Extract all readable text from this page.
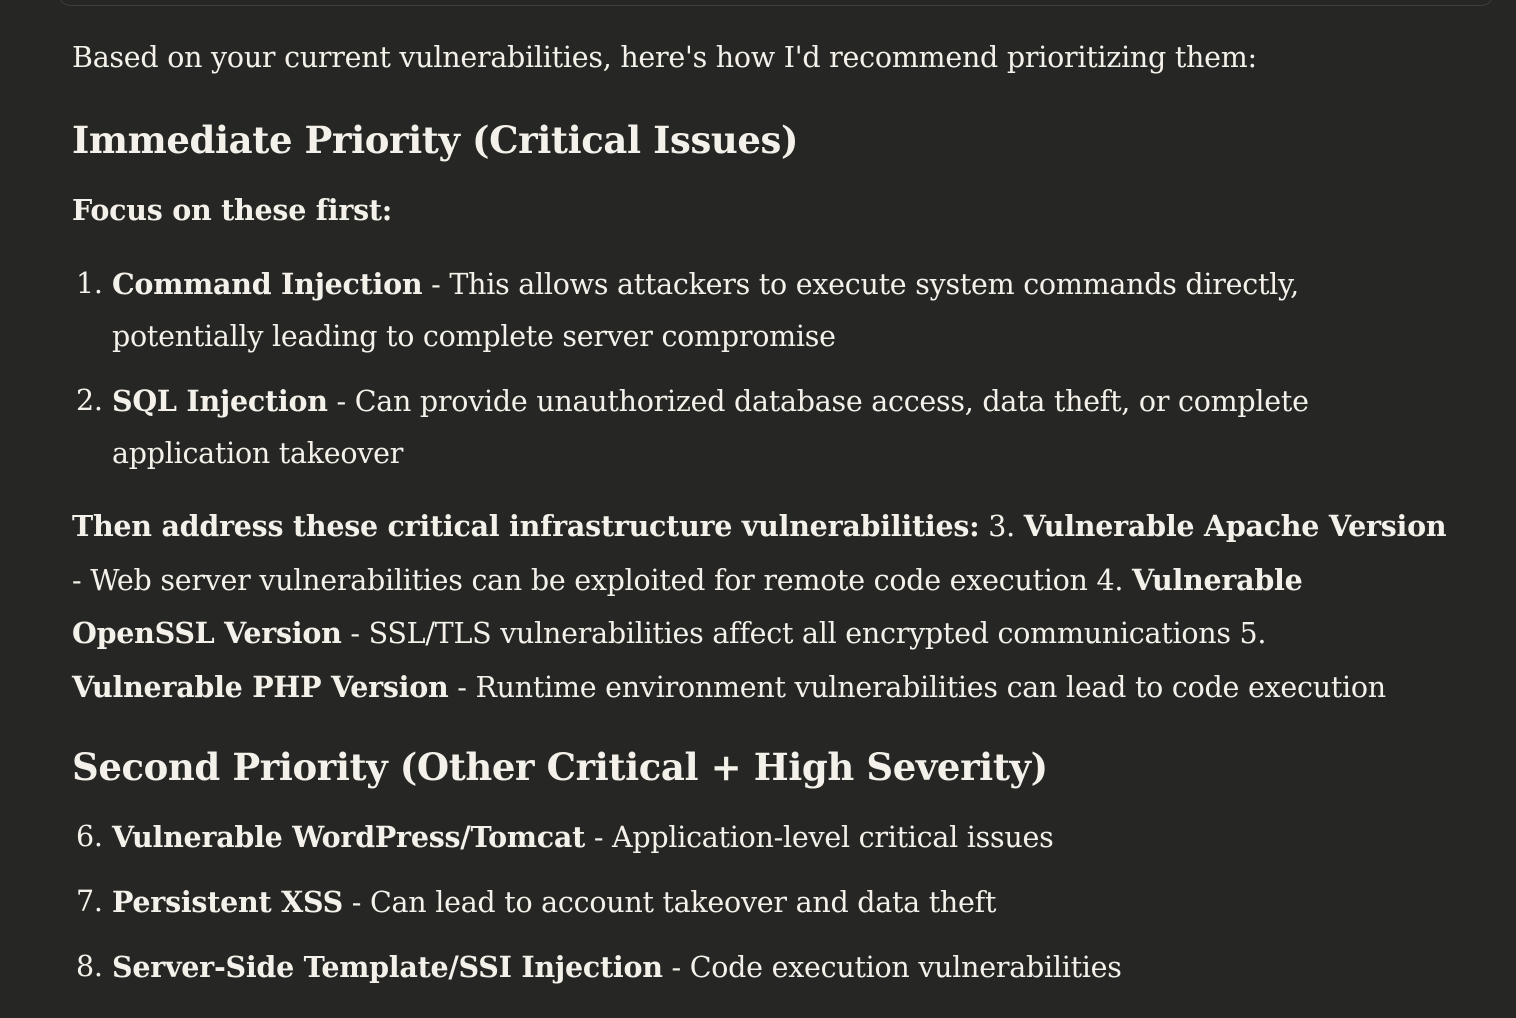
Based on your current vulnerabilities, here's how I'd recommend prioritizing them:

Immediate Priority (Critical Issues)

Focus on these first:

1. Command Injection - This allows attackers to execute system commands directly,
potentially leading to complete server compromise
2. SQL Injection - Can provide unauthorized database access, data theft, or complete
application takeover
Then address these critical infrastructure vulnerabilities: 3. Vulnerable Apache Version
- Web server vulnerabilities can be exploited for remote code execution 4. Vulnerable
OpenSSL Version - SSL/TLS vulnerabilities affect all encrypted communications 5.
Vulnerable PHP Version - Runtime environment vulnerabilities can lead to code execution
Second Priority (Other Critical + High Severity)
6. Vulnerable WordPress/Tomcat - Application-level critical issues
7. Persistent XSS - Can lead to account takeover and data theft
8. Server-Side Template/SSI Injection - Code execution vulnerabilities
